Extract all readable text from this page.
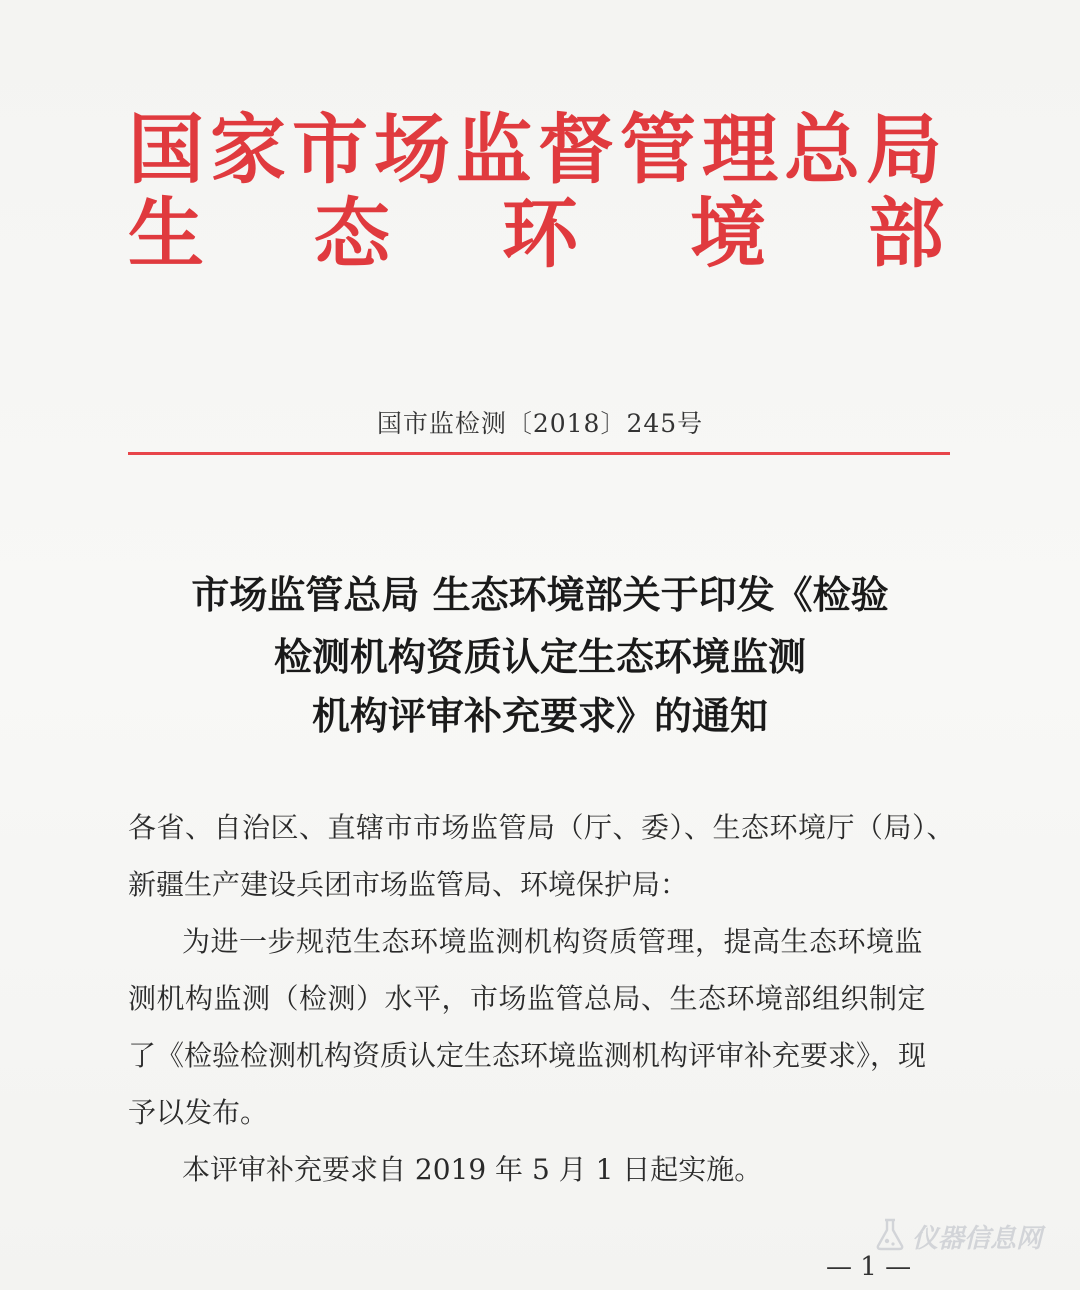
国家市场监督管理总局
生 态 环 境 部
国市监检测〔2018〕245号
市场监管总局 生态环境部关于印发《检验
检测机构资质认定生态环境监测
机构评审补充要求》的通知
各省、自治区、直辖市市场监管局（厅、委）、生态环境厅（局）、
新疆生产建设兵团市场监管局、环境保护局：
为进一步规范生态环境监测机构资质管理，提高生态环境监
测机构监测（检测）水平，市场监管总局、生态环境部组织制定
了《检验检测机构资质认定生态环境监测机构评审补充要求》，现
予以发布。
本评审补充要求自 2019 年 5 月 1 日起实施。
— 1 —
仪器信息网
